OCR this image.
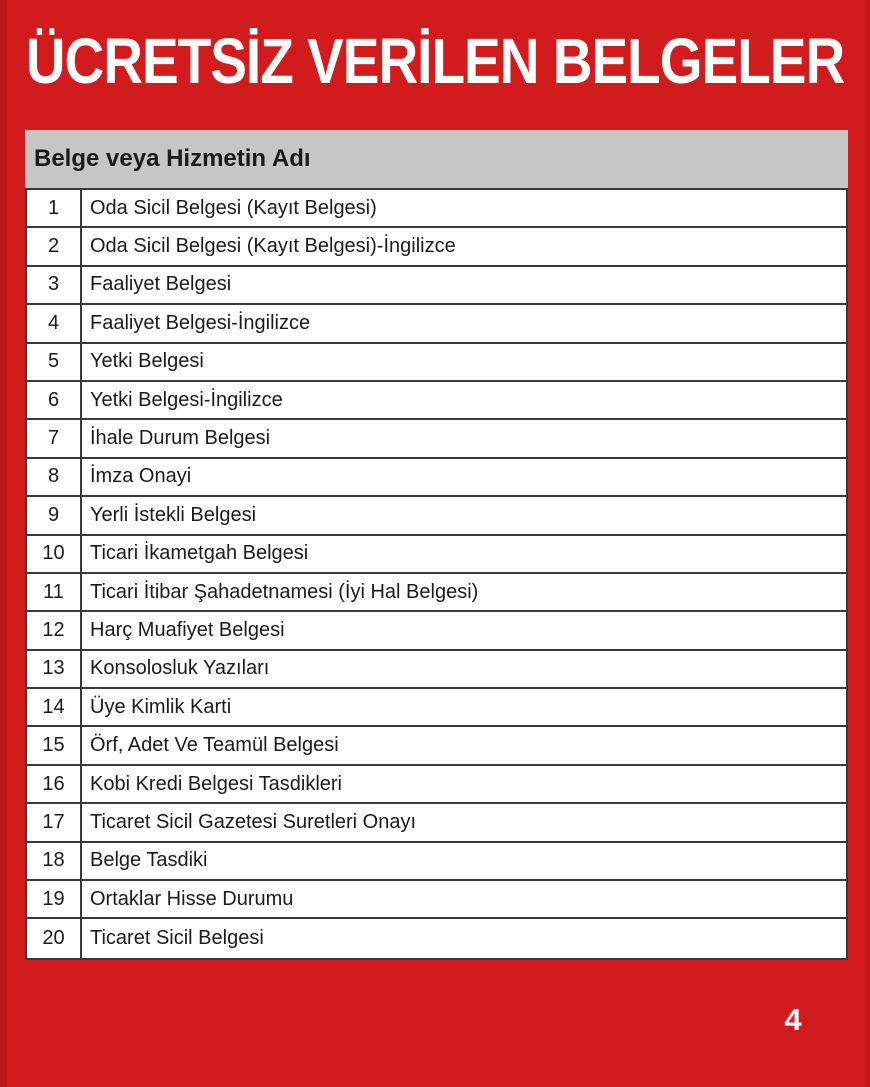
ÜCRETSİZ VERİLEN BELGELER
Belge veya Hizmetin Adı
1	Oda Sicil Belgesi (Kayıt Belgesi)
2	Oda Sicil Belgesi (Kayıt Belgesi)-İngilizce
3	Faaliyet Belgesi
4	Faaliyet Belgesi-İngilizce
5	Yetki Belgesi
6	Yetki Belgesi-İngilizce
7	İhale Durum Belgesi
8	İmza Onayi
9	Yerli İstekli Belgesi
10	Ticari İkametgah Belgesi
11	Ticari İtibar Şahadetnamesi (İyi Hal Belgesi)
12	Harç Muafiyet Belgesi
13	Konsolosluk Yazıları
14	Üye Kimlik Karti
15	Örf, Adet Ve Teamül Belgesi
16	Kobi Kredi Belgesi Tasdikleri
17	Ticaret Sicil Gazetesi Suretleri Onayı
18	Belge Tasdiki
19	Ortaklar Hisse Durumu
20	Ticaret Sicil Belgesi
4
